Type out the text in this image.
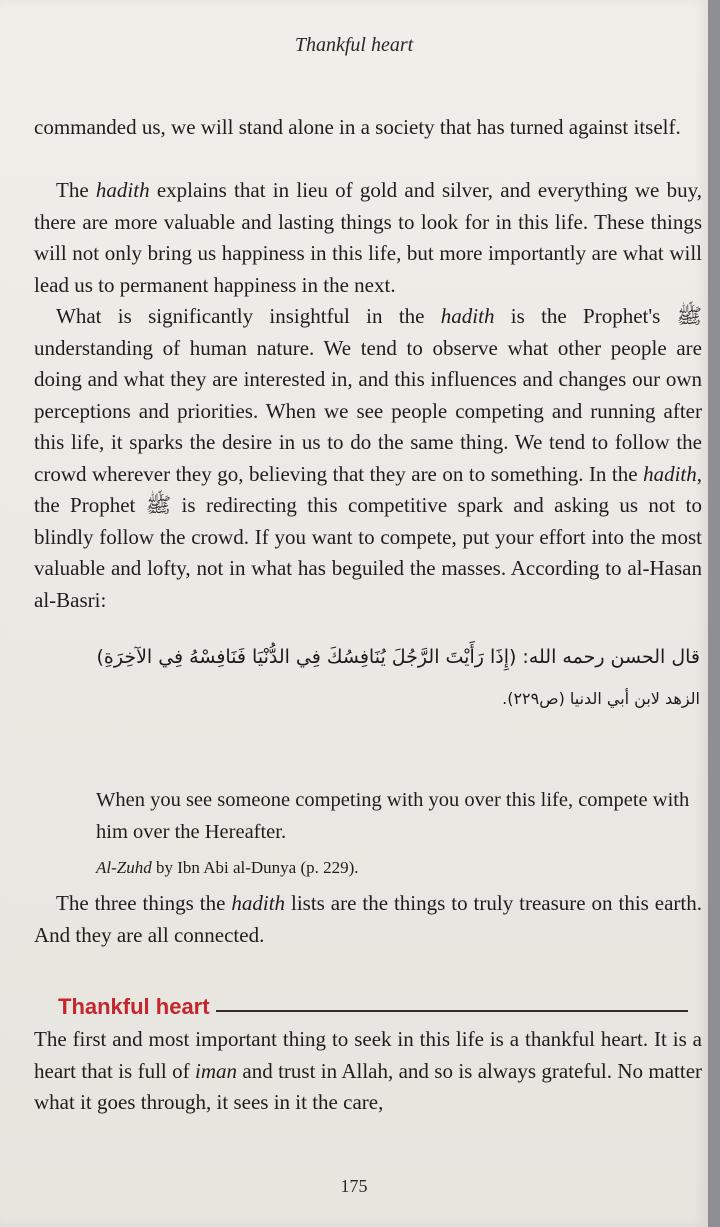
Thankful heart

commanded us, we will stand alone in a society that has turned against itself.

The hadith explains that in lieu of gold and silver, and everything we buy, there are more valuable and lasting things to look for in this life. These things will not only bring us happiness in this life, but more importantly are what will lead us to permanent happiness in the next.

What is significantly insightful in the hadith is the Prophet's ﷺ understanding of human nature. We tend to observe what other people are doing and what they are interested in, and this influences and changes our own perceptions and priorities. When we see people competing and running after this life, it sparks the desire in us to do the same thing. We tend to follow the crowd wherever they go, believing that they are on to something. In the hadith, the Prophet ﷺ is redirecting this competitive spark and asking us not to blindly follow the crowd. If you want to compete, put your effort into the most valuable and lofty, not in what has beguiled the masses. According to al-Hasan al-Basri:

قال الحسن رحمه الله: (إِذَا رَأَيْتَ الرَّجُلَ يُنَافِسُكَ فِي الدُّنْيَا فَنَافِسْهُ فِي الآخِرَةِ)
الزهد لابن أبي الدنيا (ص٢٢٩).
When you see someone competing with you over this life, compete with him over the Hereafter.
Al-Zuhd by Ibn Abi al-Dunya (p. 229).

The three things the hadith lists are the things to truly treasure on this earth. And they are all connected.

Thankful heart

The first and most important thing to seek in this life is a thankful heart. It is a heart that is full of iman and trust in Allah, and so is always grateful. No matter what it goes through, it sees in it the care,

175
